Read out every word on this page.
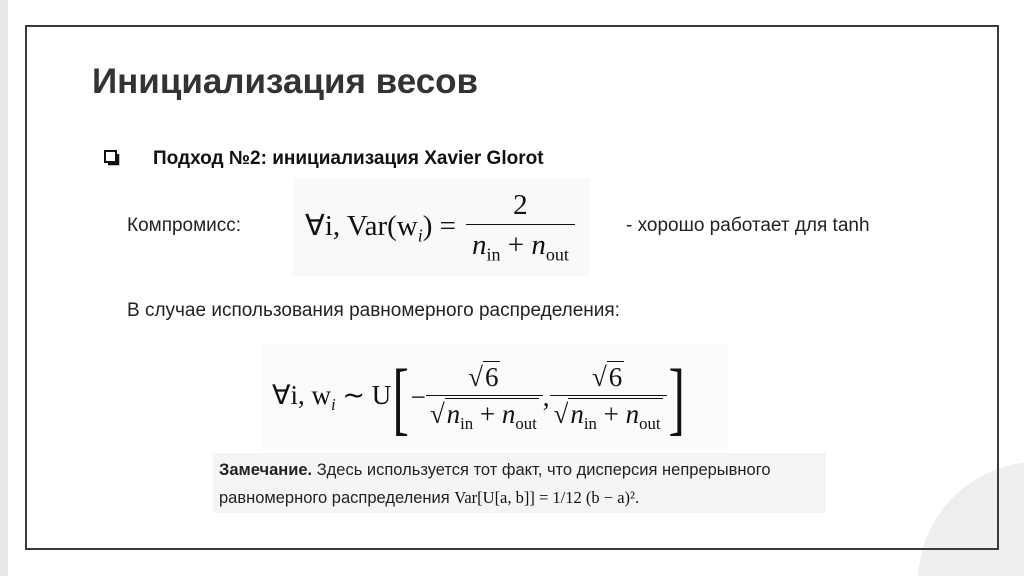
Инициализация весов
Подход №2: инициализация Xavier Glorot
Компромисс: ∀i, $Var(w_i) = \frac{2}{n_{in} + n_{out}}$	- хорошо работает для tanh
В случае использования равномерного распределения:
∀i, $w_i$ ∼ U [ − $\frac{√6}{√n_{in} + n_{out}}$ , $\frac{√6}{√n_{in} + n_{out}}$ ]
Замечание. Здесь используется тот факт, что дисперсия непрерывного
равномерного распределения Var[U[a, b]] = 1/12 (b − a)².
